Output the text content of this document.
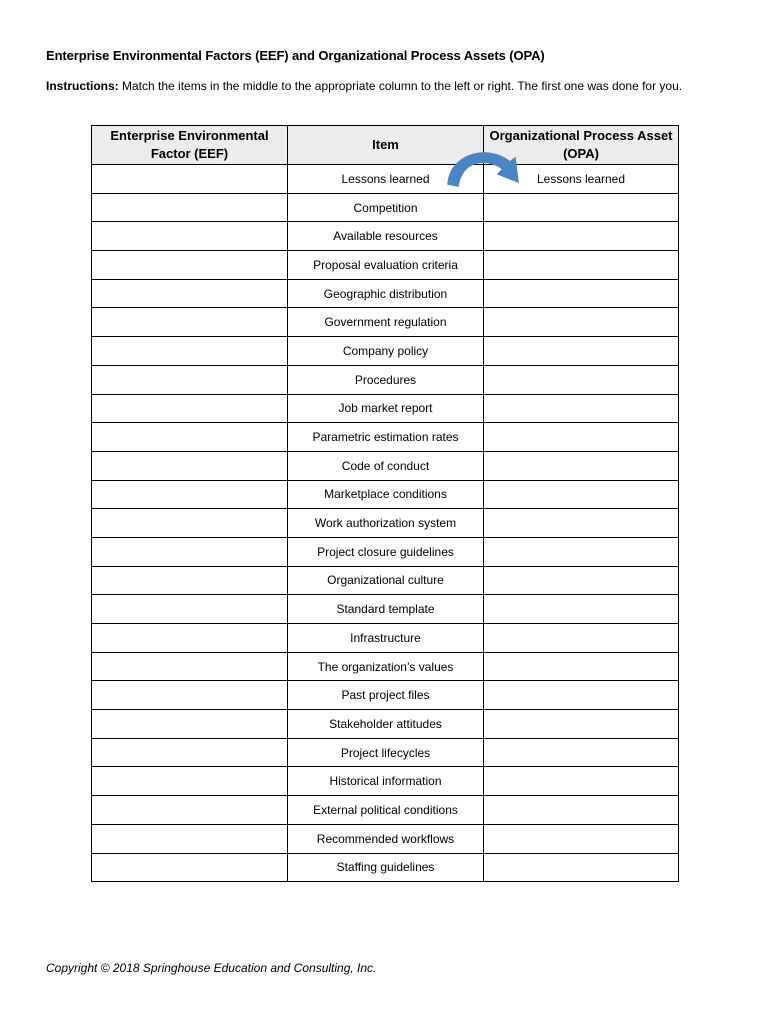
Enterprise Environmental Factors (EEF) and Organizational Process Assets (OPA)
Instructions: Match the items in the middle to the appropriate column to the left or right. The first one was done for you.
Enterprise Environmental Factor (EEF)	Item	Organizational Process Asset (OPA)
	Lessons learned	Lessons learned
	Competition	
	Available resources	
	Proposal evaluation criteria	
	Geographic distribution	
	Government regulation	
	Company policy	
	Procedures	
	Job market report	
	Parametric estimation rates	
	Code of conduct	
	Marketplace conditions	
	Work authorization system	
	Project closure guidelines	
	Organizational culture	
	Standard template	
	Infrastructure	
	The organization’s values	
	Past project files	
	Stakeholder attitudes	
	Project lifecycles	
	Historical information	
	External political conditions	
	Recommended workflows	
	Staffing guidelines	
Copyright © 2018 Springhouse Education and Consulting, Inc.
